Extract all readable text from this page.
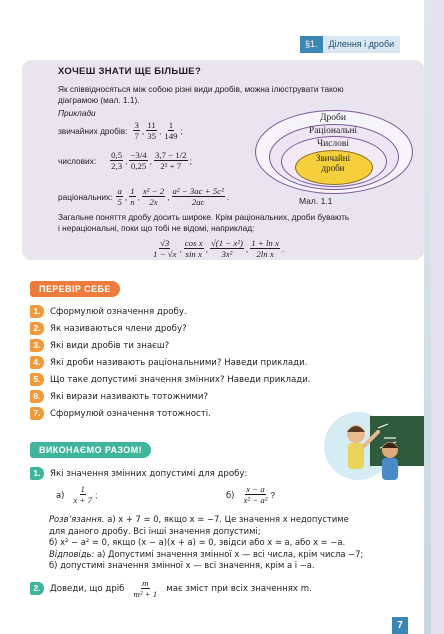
§1.	Ділення і дроби
ХОЧЕШ ЗНАТИ ЩЕ БІЛЬШЕ?
Як співвідносяться між собою різні види дробів, можна ілюструвати такою
діаграмою (мал. 1.1).
Приклади
звичайних дробів: $\frac{3}{7}$ , $\frac{11}{35}$ , $\frac{1}{149}$ ;
числових: $\frac{0,5}{2,3}$ , $\frac{-3/4}{0,25}$ , $\frac{3,7 - 1/2}{\text{2² + 7}}$ ;
раціональних: $\frac{a}{5}$ , $\frac{1}{n}$ , $\frac{\text{x² − 2}}{2x}$ , $\frac{\text{a² − 3ac + 5c²}}{2ac}$ .
Загальне поняття дробу досить широке. Крім раціональних, дроби бувають
і нераціональні, поки що тобі не відомі, наприклад:
$\frac{√3}{1 - √x}$ , $\frac{\text{cos x}}{\text{sin x}}$ , $\frac{\text{√(1 − x²)}}{\text{3x²}}$ , $\frac{\text{1 + ln x}}{\text{2ln x}}$ .
Дроби
Раціональні
Числові
Звичайні
дроби
Мал. 1.1
ПЕРЕВІР СЕБЕ
1.	Сформулюй означення дробу.
2.	Як називаються члени дробу?
3.	Які види дробів ти знаєш?
4.	Які дроби називають раціональними? Наведи приклади.
5.	Що таке допустимі значення змінних? Наведи приклади.
6.	Які вирази називають тотожними?
7.	Сформулюй означення тотожності.
ВИКОНАЄМО РАЗОМ!
1.	Які значення змінних допустимі для дробу:
$а) \frac{1}{x + 7}$ ;	$б) \frac{x - a}{\text{x² − a²}}$ ?
Розв’язання. а) x + 7 = 0, якщо x = −7. Це значення x недопустиме
для даного дробу. Всі інші значення допустимі;
б) x² − a² = 0, якщо (x − a)(x + a) = 0, звідси або x = a, або x = −a.
Відповідь: а) Допустимі значення змінної x — всі числа, крім числа −7;
б) допустимі значення змінної x — всі значення, крім a і −a.
2.	Доведи, що дріб $\frac{m}{\text{m² + 1}}$ має зміст при всіх значеннях m.
7
